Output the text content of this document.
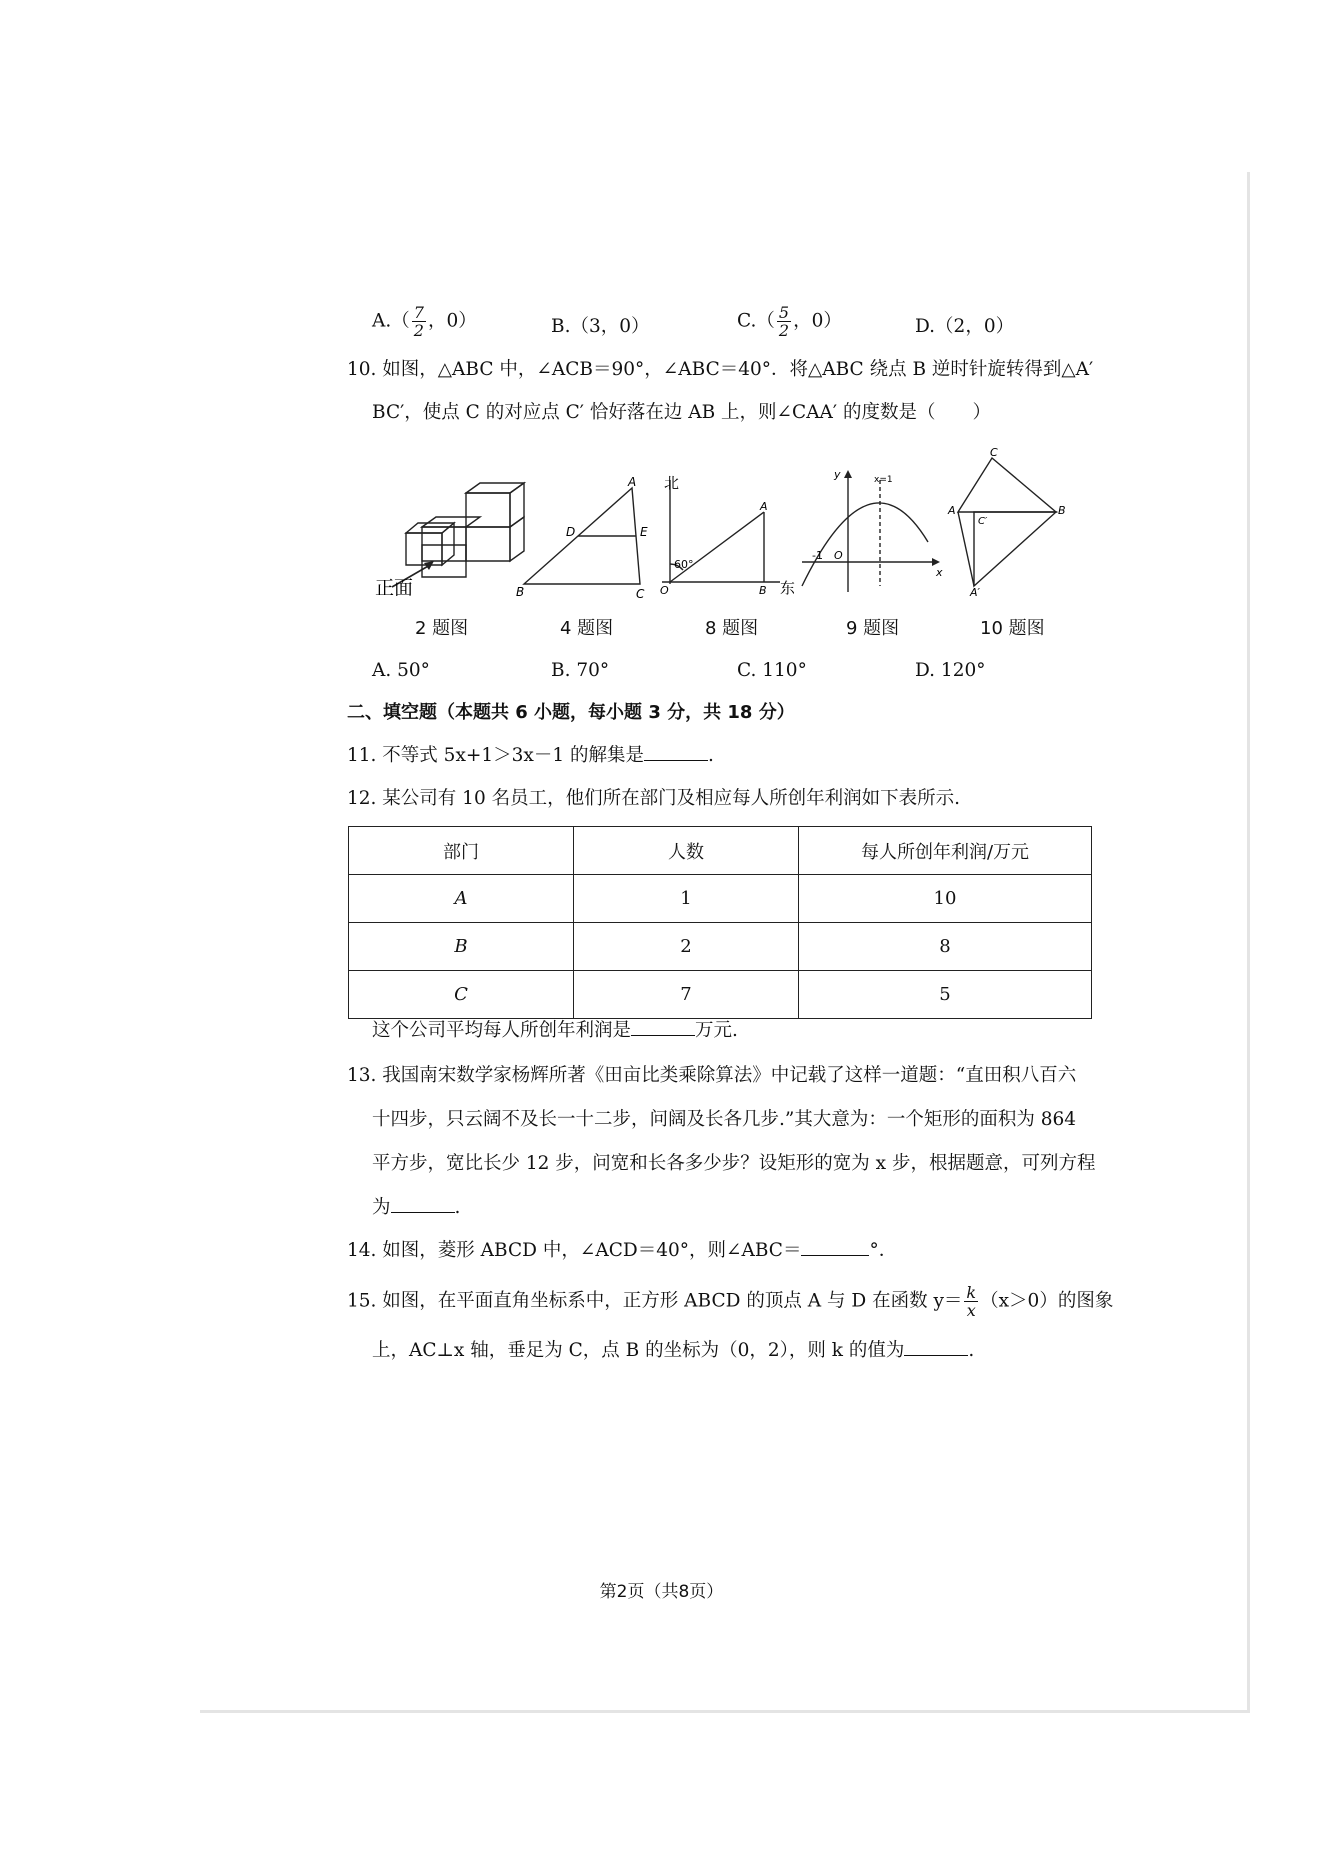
$A.( \frac{7}{2}$ ，0）	B.（3，0）	$C.( \frac{5}{2}$ ，0）	D.（2，0）
10. 如图，△ABC 中，∠ACB＝90°，∠ABC＝40°．将△ABC 绕点 B 逆时针旋转得到△A′
BC′，使点 C 的对应点 C′ 恰好落在边 AB 上，则∠CAA′ 的度数是（　　）
正面
2 题图
A
D	E
B	C
4 题图
北
东
60°
A
O	B
8 题图
y
x
x=1
-1 O
9 题图
C
A
C′
B
A′
10 题图
A. 50°	B. 70°	C. 110°	D. 120°
二、填空题（本题共 6 小题，每小题 3 分，共 18 分）
11. 不等式 5x+1＞3x－1 的解集是	.
12. 某公司有 10 名员工，他们所在部门及相应每人所创年利润如下表所示.
部门	人数	每人所创年利润/万元
A	1	10
B	2	8
C	7	5
这个公司平均每人所创年利润是	万元.
13. 我国南宋数学家杨辉所著《田亩比类乘除算法》中记载了这样一道题：“直田积八百六
十四步，只云阔不及长一十二步，问阔及长各几步.”其大意为：一个矩形的面积为 864
平方步，宽比长少 12 步，问宽和长各多少步？设矩形的宽为 x 步，根据题意，可列方程
为	.
14. 如图，菱形 ABCD 中，∠ACD＝40°，则∠ABC＝	°．
15. 如图，在平面直角坐标系中，正方形 ABCD 的顶点 A 与 D 在函数 $y= \frac{k}{x} (x>0)$的图象
上，AC⊥x 轴，垂足为 C，点 B 的坐标为（0，2），则 k 的值为	.
第2页（共8页）
